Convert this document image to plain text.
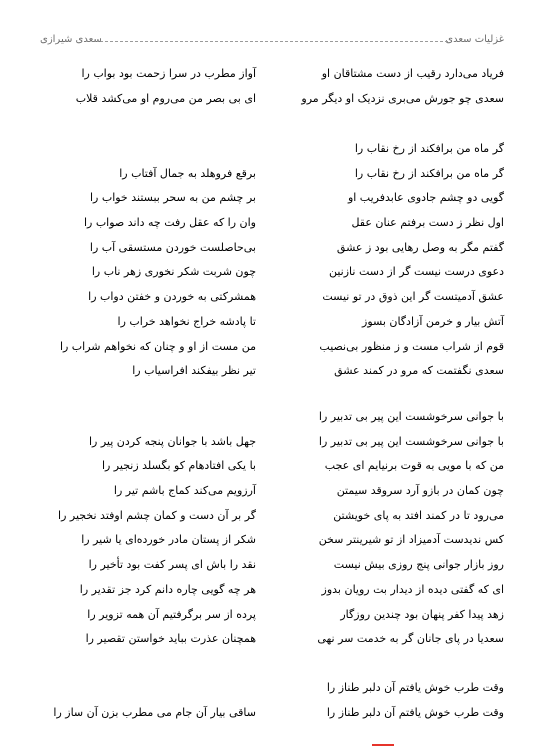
غزلیات سعدی
سعدی شیرازی
فریاد می‌دارد رقیب از دست مشتاقان او
آواز مطرب در سرا زحمت بود بواب را
سعدی چو جورش می‌بری نزدیک او دیگر مرو
ای بی بصر من می‌روم او می‌کشد قلاب
گر ماه من برافکند از رخ نقاب را
گر ماه من برافکند از رخ نقاب را
برقع فروهلد به جمال آفتاب را
گویی دو چشم جادوی عابدفریب او
بر چشم من به سحر ببستند خواب را
اول نظر ز دست برفتم عنان عقل
وان را که عقل رفت چه داند صواب را
گفتم مگر به وصل رهایی بود ز عشق
بی‌حاصلست خوردن مستسقی آب را
دعوی درست نیست گر از دست نازنین
چون شربت شکر نخوری زهر ناب را
عشق آدمیتست گر این ذوق در تو نیست
همشرکتی به خوردن و خفتن دواب را
آتش بیار و خرمن آزادگان بسوز
تا پادشه خراج نخواهد خراب را
قوم از شراب مست و ز منظور بی‌نصیب
من مست از او و چنان که نخواهم شراب را
سعدی نگفتمت که مرو در کمند عشق
تیر نظر بیفکند افراسیاب را
با جوانی سرخوشست این پیر بی تدبیر را
با جوانی سرخوشست این پیر بی تدبیر را
جهل باشد با جوانان پنجه کردن پیر را
من که با مویی به قوت برنیایم ای عجب
با یکی افتادهام کو بگسلد زنجیر را
چون کمان در بازو آرد سروقد سیمتن
آرزویم می‌کند کماج باشم تیر را
می‌رود تا در کمند افتد به پای خویشتن
گر بر آن دست و کمان چشم اوفتد نخجیر را
کس ندیدست آدمیزاد از تو شیرینتر سخن
شکر از پستان مادر خورده‌ای یا شیر را
روز بازار جوانی پنج روزی بیش نیست
نقد را باش ای پسر کفت بود تأخیر را
ای که گفتی دیده از دیدار بت رویان بدوز
هر چه گویی چاره دانم کرد جز تقدیر را
زهد پیدا کفر پنهان بود چندین روزگار
پرده از سر برگرفتیم آن همه تزویر را
سعدیا در پای جانان گر به خدمت سر نهی
همچنان عذرت بباید خواستن تقصیر را
وقت طرب خوش یافتم آن دلبر طناز را
وقت طرب خوش یافتم آن دلبر طناز را
ساقی بیار آن جام می مطرب بزن آن ساز را
